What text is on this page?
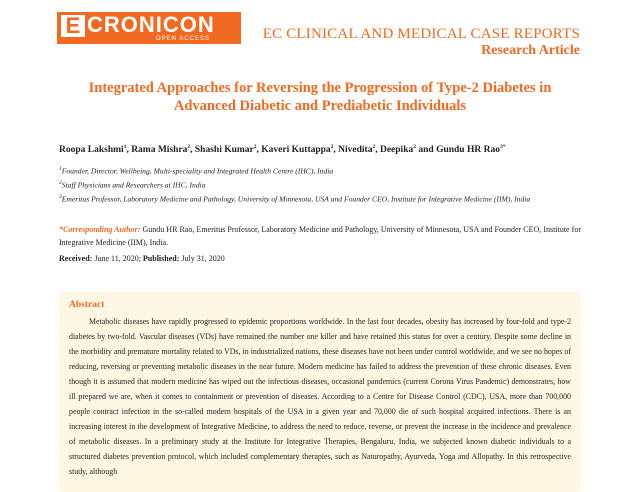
E CRONICON
OPEN ACCESS	EC CLINICAL AND MEDICAL CASE REPORTS
Research Article
Integrated Approaches for Reversing the Progression of Type-2 Diabetes in Advanced Diabetic and Prediabetic Individuals
Roopa Lakshmi$^1$, Rama Mishra$^2$, Shashi Kumar$^2$, Kaveri Kuttappa$^2$, Nivedita$^2$, Deepika$^2$ and Gundu HR Rao$^{3*}$
$^1$Founder, Director, Wellbeing, Multi-speciality and Integrated Health Centre (IHC), India
$^2$Staff Physicians and Researchers at IHC, India
$^3$Emeritus Professor, Laboratory Medicine and Pathology, University of Minnesota, USA and Founder CEO, Institute for Integrative Medicine (IIM), India
*Corresponding Author: Gundu HR Rao, Emeritus Professor, Laboratory Medicine and Pathology, University of Minnesota, USA and Founder CEO, Institute for Integrative Medicine (IIM), India.
Received: June 11, 2020; Published: July 31, 2020
Abstract

Metabolic diseases have rapidly progressed to epidemic proportions worldwide. In the last four decades, obesity has increased by four-fold and type-2 diabetes by two-fold. Vascular diseases (VDs) have remained the number one killer and have retained this status for over a century. Despite some decline in the morbidity and premature mortality related to VDs, in industrialized nations, these diseases have not been under control worldwide, and we see no hopes of reducing, reversing or preventing metabolic diseases in the near future. Modern medicine has failed to address the prevention of these chronic diseases. Even though it is assumed that modern medicine has wiped out the infectious diseases, occasional pandemics (current Corona Virus Pandemic) demonstrates, how ill prepared we are, when it comes to containment or prevention of diseases. According to a Centre for Disease Control (CDC), USA, more than 700,000 people contract infection in the so-called modern hospitals of the USA in a given year and 70,000 die of such hospital acquired infections. There is an increasing interest in the development of Integrative Medicine, to address the need to reduce, reverse, or prevent the increase in the incidence and prevalence of metabolic diseases. In a preliminary study at the Institute for Integrative Therapies, Bengaluru, India, we subjected known diabetic individuals to a structured diabetes prevention protocol, which included complementary therapies, such as Naturopathy, Ayurveda, Yoga and Allopathy. In this retrospective study, although
